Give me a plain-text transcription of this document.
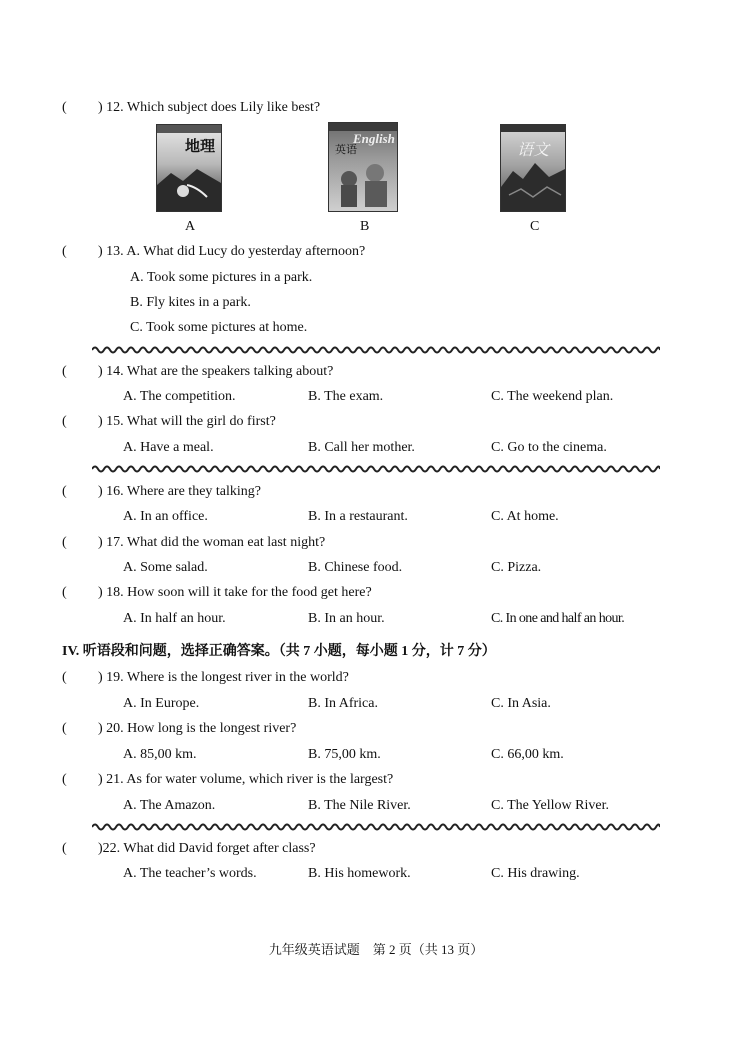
( ) 12. Which subject does Lily like best?
地理
A
English
英语
B
语文
C
( ) 13. A. What did Lucy do yesterday afternoon?
A. Took some pictures in a park.
B. Fly kites in a park.
C. Took some pictures at home.
( ) 14. What are the speakers talking about?
A. The competition.	B. The exam.	C. The weekend plan.
( ) 15. What will the girl do first?
A. Have a meal.	B. Call her mother.	C. Go to the cinema.
( ) 16. Where are they talking?
A. In an office.	B. In a restaurant.	C. At home.
( ) 17. What did the woman eat last night?
A. Some salad.	B. Chinese food.	C. Pizza.
( ) 18. How soon will it take for the food get here?
A. In half an hour.	B. In an hour.	C. In one and half an hour.
IV. 听语段和问题，选择正确答案。（共 7 小题，每小题 1 分，计 7 分）
( ) 19. Where is the longest river in the world?
A. In Europe.	B. In Africa.	C. In Asia.
( ) 20. How long is the longest river?
A. 85,00 km.	B. 75,00 km.	C. 66,00 km.
( ) 21. As for water volume, which river is the largest?
A. The Amazon.	B. The Nile River.	C. The Yellow River.
( )22. What did David forget after class?
A. The teacher’s words.	B. His homework.	C. His drawing.
九年级英语试题　第 2 页（共 13 页）
